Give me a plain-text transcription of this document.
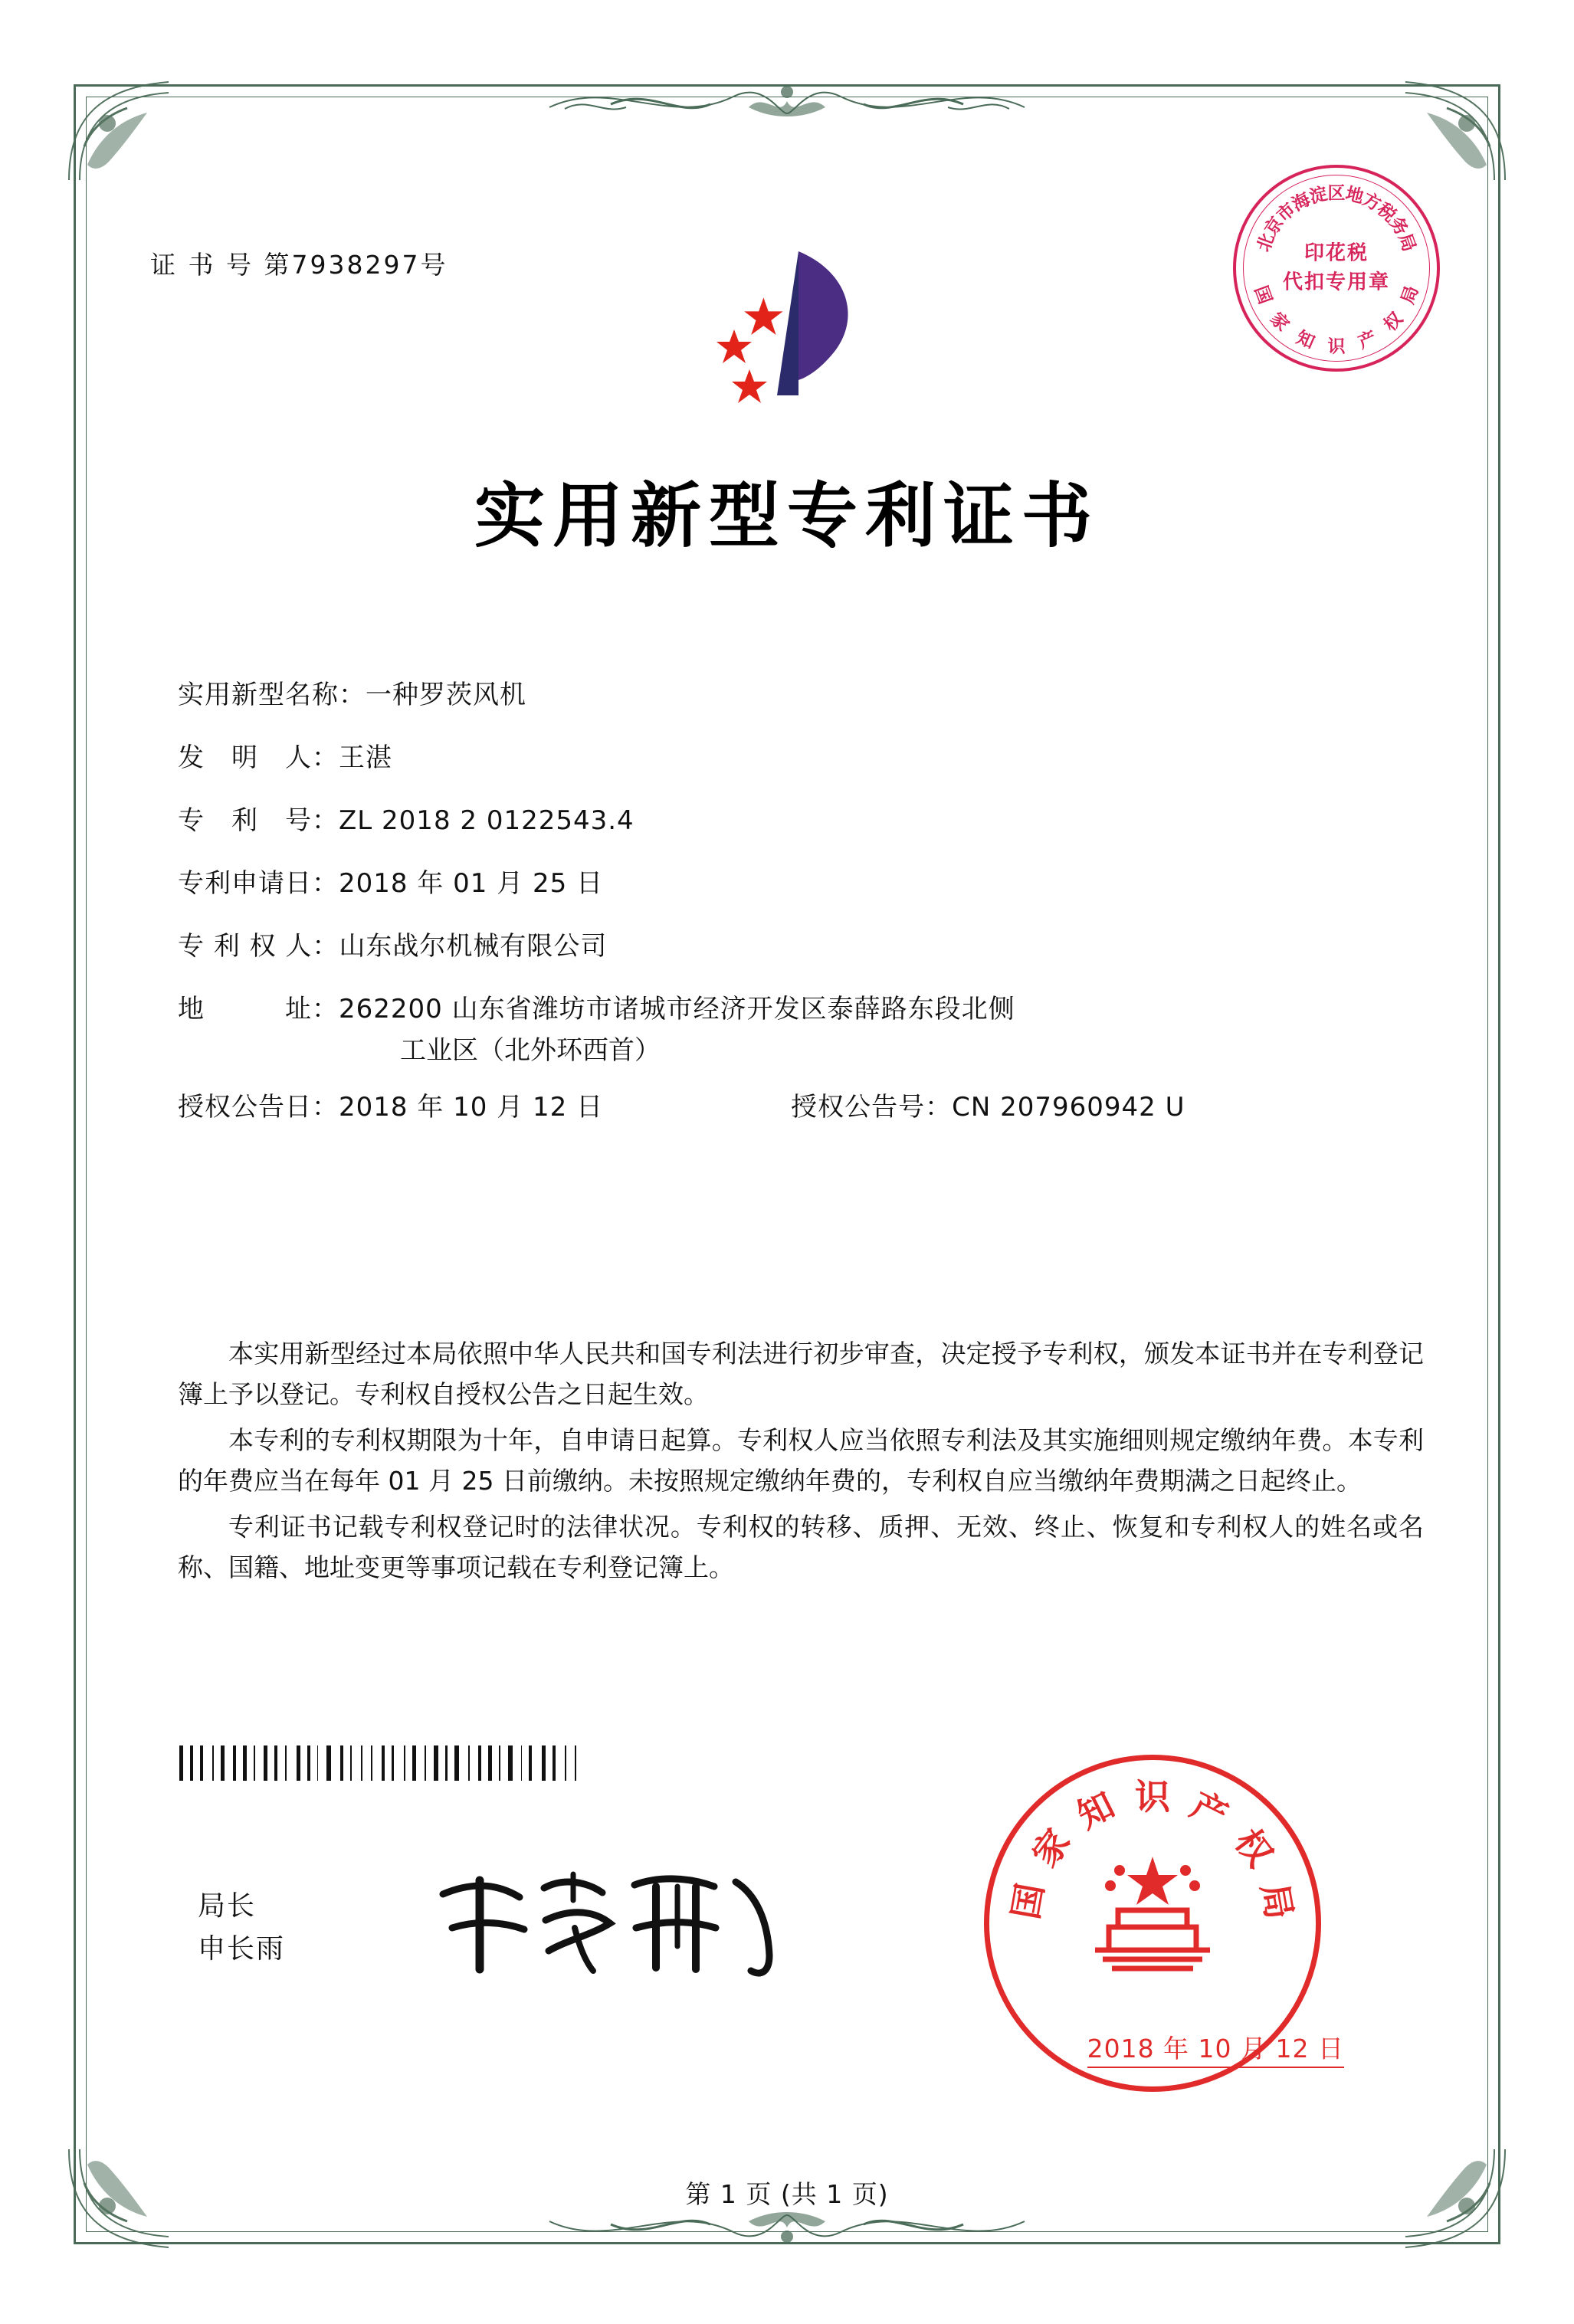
证 书 号 第7938297号
北
京
市
海
淀
区
地
方
税
务
局
国
家
知 识 产
权
局
印花税
代扣专用章
实用新型专利证书
实用新型名称： 一种罗茨风机
发　明　人： 王湛
专　利　号： ZL 2018 2 0122543.4
专利申请日： 2018 年 01 月 25 日
专 利 权 人： 山东战尔机械有限公司
地　　　址： 262200 山东省潍坊市诸城市经济开发区泰薛路东段北侧
工业区（北外环西首）
授权公告日： 2018 年 10 月 12 日	授权公告号： CN 207960942 U

本实用新型经过本局依照中华人民共和国专利法进行初步审查，决定授予专利权，颁发本证书并在专利登记簿上予以登记。专利权自授权公告之日起生效。

本专利的专利权期限为十年，自申请日起算。专利权人应当依照专利法及其实施细则规定缴纳年费。本专利的年费应当在每年 01 月 25 日前缴纳。未按照规定缴纳年费的，专利权自应当缴纳年费期满之日起终止。

专利证书记载专利权登记时的法律状况。专利权的转移、质押、无效、终止、恢复和专利权人的姓名或名称、国籍、地址变更等事项记载在专利登记簿上。

局长
申长雨
国
家
知 识 产
权
局
2018 年 10 月 12 日
第 1 页 (共 1 页)
